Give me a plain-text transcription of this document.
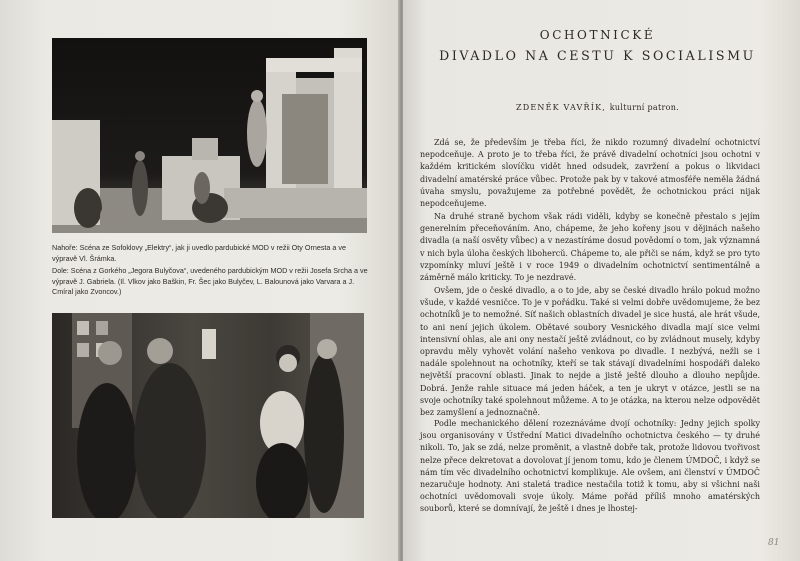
Nahoře: Scéna ze Sofoklovy „Elektry“, jak ji uvedlo pardubické MOD v režii Oty Ornesta a ve výpravě Vl. Šrámka.
Dole: Scéna z Gorkého „Jegora Bulyčova“, uvedeného pardubickým MOD v režii Josefa Srcha a ve výpravě J. Gabriela. (Il. Vlkov jako Baškin, Fr. Šec jako Bulyčev, L. Balounová jako Varvara a J. Cmíral jako Zvoncov.)
OCHOTNICKÉ
DIVADLO NA CESTU K SOCIALISMU
ZDENĚK VAVŘÍK, kulturní patron.

Zdá se, že především je třeba říci, že nikdo rozumný divadelní ochotnictví nepodceňuje. A proto je to třeba říci, že právě divadelní ochotníci jsou ochotni v každém kritickém slovíčku vidět hned odsudek, zavržení a pokus o likvidaci divadelní amatérské práce vůbec. Protože pak by v takové atmosféře neměla žádná úvaha smyslu, považujeme za potřebné povědět, že ochotnickou práci nijak nepodceňujeme.

Na druhé straně bychom však rádi viděli, kdyby se konečně přestalo s jejím generelním přeceňováním. Ano, chápeme, že jeho kořeny jsou v dějinách našeho divadla (a naší osvěty vůbec) a v nezastíráme dosud povědomí o tom, jak významná v nich byla úloha českých libohercŭ. Chápeme to, ale přiči se nám, když se pro tyto vzpomínky mluví ještě i v roce 1949 o divadelním ochotnictví sentimentálně a záměrně málo kriticky. To je nezdravé.

Ovšem, jde o české divadlo, a o to jde, aby se české divadlo hrálo pokud možno všude, v každé vesničce. To je v pořádku. Také si velmi dobře uvědomujeme, že bez ochotníků je to nemožné. Síť našich oblastních divadel je sice hustá, ale hrát všude, to ani není jejich úkolem. Obětavé soubory Vesnického divadla mají sice velmi intensivní ohlas, ale ani ony nestačí ještě zvládnout, co by zvládnout musely, kdyby opravdu měly vyhovět volání našeho venkova po divadle. I nezbývá, nežli se i nadále spolehnout na ochotníky, kteří se tak stávají divadelními hospodáři daleko největší pracovní oblasti. Jinak to nejde a jistě ještě dlouho a dlouho nepůjde. Dobrá. Jenže rahle situace má jeden háček, a ten je ukryt v otázce, jestli se na svoje ochotníky také spolehnout můžeme. A to je otázka, na kterou nelze odpovědět bez zamyšlení a jednoznačně.

Podle mechanického dělení rozeznáváme dvojí ochotníky: Jedny jejich spolky jsou organisovány v Ústřední Matici divadelního ochotnictva českého — ty druhé nikoli. To, jak se zdá, nelze proměnit, a vlastně dobře tak, protože lidovou tvořivost nelze přece dekretovat a dovolovat jí jenom tomu, kdo je členem ÚMDOČ, i když se nám tím věc divadelního ochotnictví komplikuje. Ale ovšem, ani členství v ÚMDOČ nezaručuje hodnoty. Ani staletá tradice nestačila totiž k tomu, aby si všichni naši ochotníci uvědomovali svoje úkoly. Máme pořád příliš mnoho amatérských souborů, které se domnívají, že ještě i dnes je lhostej-

81
